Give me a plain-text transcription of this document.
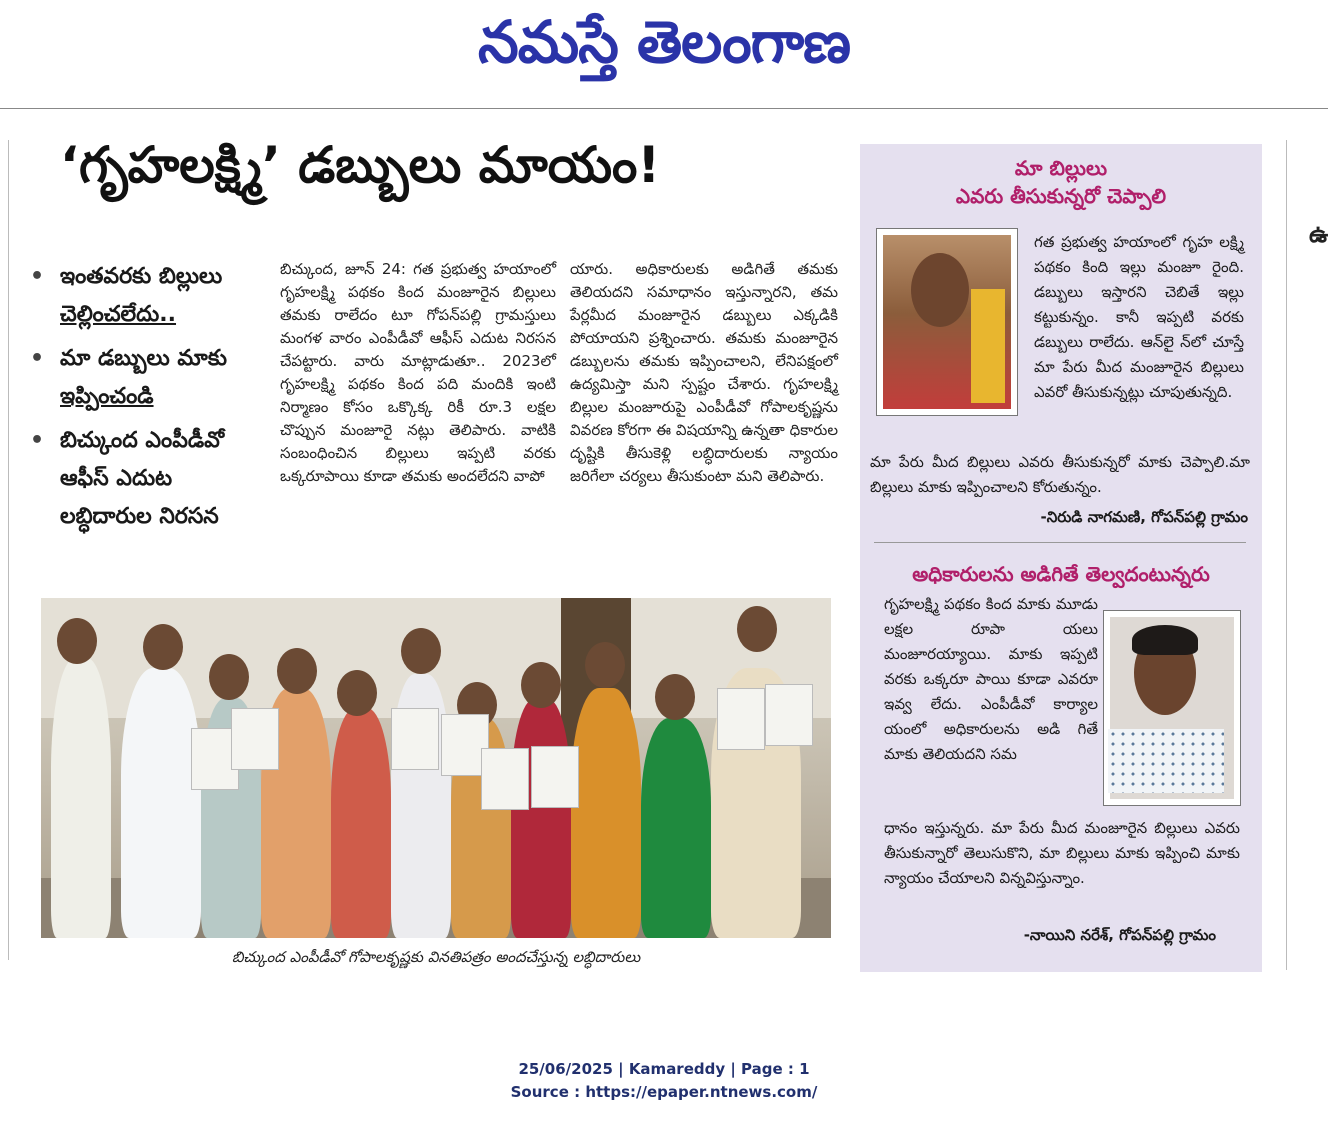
నమస్తే తెలంగాణ
‘గృహలక్ష్మి’ డబ్బులు మాయం!
• ఇంతవరకు బిల్లులు
చెల్లించలేదు..
• మా డబ్బులు మాకు
ఇప్పించండి
• బిచ్కుంద ఎంపీడీవో ఆఫీస్ ఎదుట లబ్ధిదారుల నిరసన
బిచ్కుంద, జూన్ 24: గత ప్రభుత్వ హయాంలో గృహలక్ష్మి పథకం కింద మంజూరైన బిల్లులు తమకు రాలేదం టూ గోపన్‌పల్లి గ్రామస్తులు మంగళ వారం ఎంపీడీవో ఆఫీస్ ఎదుట నిరసన చేపట్టారు. వారు మాట్లాడుతూ.. 2023లో గృహలక్ష్మి పథకం కింద పది మందికి ఇంటి నిర్మాణం కోసం ఒక్కొక్క రికీ రూ.3 లక్షల చొప్పున మంజూరై నట్లు తెలిపారు. వాటికి సంబంధించిన బిల్లులు ఇప్పటి వరకు ఒక్కరూపాయి కూడా తమకు అందలేదని వాపో
యారు. అధికారులకు అడిగితే తమకు తెలియదని సమాధానం ఇస్తున్నారని, తమ పేర్లమీద మంజూరైన డబ్బులు ఎక్కడికి పోయాయని ప్రశ్నించారు. తమకు మంజూరైన డబ్బులను తమకు ఇప్పించాలని, లేనిపక్షంలో ఉద్యమిస్తా మని స్పష్టం చేశారు. గృహలక్ష్మి బిల్లుల మంజూరుపై ఎంపీడీవో గోపాలకృష్ణను వివరణ కోరగా ఈ విషయాన్ని ఉన్నతా ధికారుల దృష్టికి తీసుకెళ్లి లబ్ధిదారులకు న్యాయం జరిగేలా చర్యలు తీసుకుంటా మని తెలిపారు.
బిచ్కుంద ఎంపీడీవో గోపాలకృష్ణకు వినతిపత్రం అందచేస్తున్న లబ్ధిదారులు
మా బిల్లులు
ఎవరు తీసుకున్నరో చెప్పాలి
గత ప్రభుత్వ హయాంలో గృహ లక్ష్మి పథకం కింది ఇల్లు మంజూ రైంది. డబ్బులు ఇస్తారని చెబితే ఇల్లు కట్టుకున్నం. కానీ ఇప్పటి వరకు డబ్బులు రాలేదు. ఆన్‌లై న్‌లో చూస్తే మా పేరు మీద మంజూరైన బిల్లులు ఎవరో తీసుకున్నట్లు చూపుతున్నది.
మా పేరు మీద బిల్లులు ఎవరు తీసుకున్నరో మాకు చెప్పాలి.మా బిల్లులు మాకు ఇప్పించాలని కోరుతున్నం.
-నిరుడి నాగమణి, గోపన్‌పల్లి గ్రామం
అధికారులను అడిగితే తెల్వదంటున్నరు
గృహలక్ష్మి పథకం కింద మాకు మూడు లక్షల రూపా యలు మంజూరయ్యాయి. మాకు ఇప్పటి వరకు ఒక్కరూ పాయి కూడా ఎవరూ ఇవ్వ లేదు. ఎంపీడీవో కార్యాల యంలో అధికారులను అడి గితే మాకు తెలియదని సమ
ధానం ఇస్తున్నరు. మా పేరు మీద మంజూరైన బిల్లులు ఎవరు తీసుకున్నారో తెలుసుకొని, మా బిల్లులు మాకు ఇప్పించి మాకు న్యాయం చేయాలని విన్నవిస్తున్నాం.
-నాయిని నరేశ్, గోపన్‌పల్లి గ్రామం
ఉ
25/06/2025 | Kamareddy | Page : 1
Source : https://epaper.ntnews.com/
